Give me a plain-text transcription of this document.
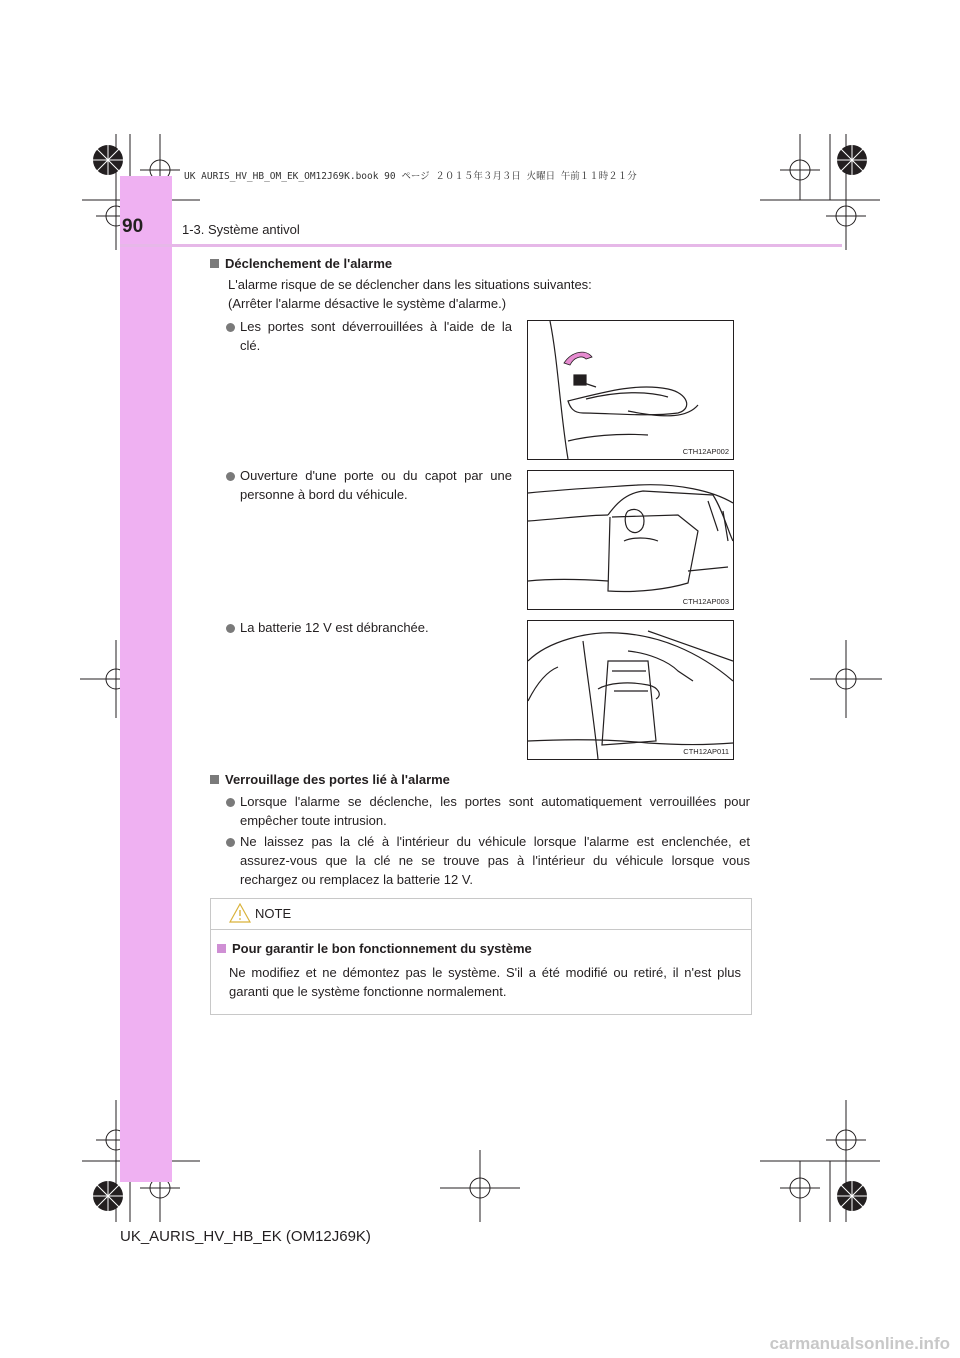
UK AURIS_HV_HB_OM_EK_OM12J69K.book 90 ページ ２０１５年３月３日 火曜日 午前１１時２１分
90	1-3. Système antivol
Déclenchement de l'alarme
L'alarme risque de se déclencher dans les situations suivantes:
(Arrêter l'alarme désactive le système d'alarme.)
Les portes sont déverrouillées à l'aide de la clé.
CTH12AP002
Ouverture d'une porte ou du capot par une personne à bord du véhicule.
CTH12AP003
La batterie 12 V est débranchée.
CTH12AP011
Verrouillage des portes lié à l'alarme
Lorsque l'alarme se déclenche, les portes sont automatiquement verrouillées pour empêcher toute intrusion.
Ne laissez pas la clé à l'intérieur du véhicule lorsque l'alarme est enclenchée, et assurez-vous que la clé ne se trouve pas à l'intérieur du véhicule lorsque vous rechargez ou remplacez la batterie 12 V.
NOTE
Pour garantir le bon fonctionnement du système
Ne modifiez et ne démontez pas le système. S'il a été modifié ou retiré, il n'est plus garanti que le système fonctionne normalement.
UK_AURIS_HV_HB_EK (OM12J69K)
carmanualsonline.info
